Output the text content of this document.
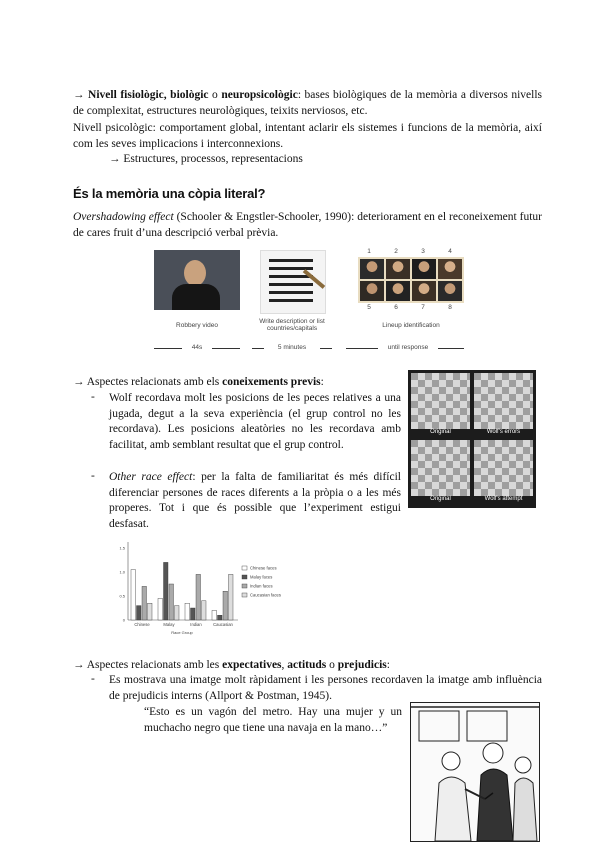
→ Nivell fisiològic, biològic o neuropsicològic: bases biològiques de la memòria a diversos nivells de complexitat, estructures neurològiques, teixits nerviosos, etc.
Nivell psicològic: comportament global, intentant aclarir els sistemes i funcions de la memòria, així com les seves implicacions i interconnexions.
→ Estructures, processos, representacions
És la memòria una còpia literal?
Overshadowing effect (Schooler & Engstler-Schooler, 1990): deteriorament en el reconeixement futur de cares fruit d’una descripció verbal prèvia.
Robbery video
Write description or list countries/capitals
1	2	3	4
5	6	7	8
Lineup identification
44s	5 minutes	until response
→ Aspectes relacionats amb els coneixements previs:
- Wolf recordava molt les posicions de les peces relatives a una jugada, degut a la seva experiència (el grup control no les recordava). Les posicions aleatòries no les recordava amb facilitat, amb semblant resultat que el grup control.
- Other race effect: per la falta de familiaritat és més difícil diferenciar persones de races diferents a la pròpia o a les més properes. Tot i que és possible que l’experiment estigui desfasat.
Original	Wolf's errors
Original	Wolf's attempt
1.5
1.0
0.5
0
Chinese	Malay	Indian	Caucasian
Race Group
Chinese faces
Malay faces
Indian faces
Caucasian faces
→ Aspectes relacionats amb les expectatives, actituds o prejudicis:
- Es mostrava una imatge molt ràpidament i les persones recordaven la imatge amb influència de prejudicis interns (Allport & Postman, 1945).
“Esto es un vagón del metro. Hay una mujer y un muchacho negro que tiene una navaja en la mano…”
